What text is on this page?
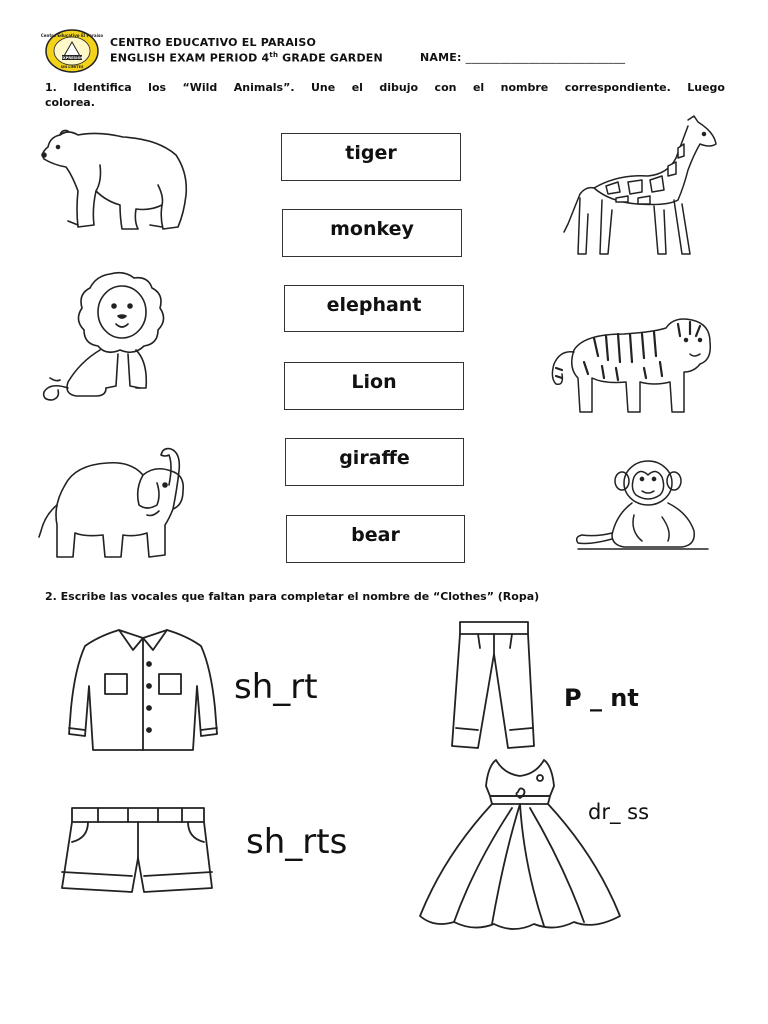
Centro Educativo El Paraíso
EXPRESIÓN
SIN LÍMITES
CENTRO EDUCATIVO EL PARAISO
ENGLISH EXAM PERIOD 4th GRADE GARDEN	NAME: ____________________________
1. Identifica los “Wild Animals”. Une el dibujo con el nombre correspondiente. Luego
colorea.
tiger
monkey
elephant
Lion
giraffe
bear
2. Escribe las vocales que faltan para completar el nombre de “Clothes” (Ropa)
sh_rt	P _ nt
sh_rts
dr_ ss
